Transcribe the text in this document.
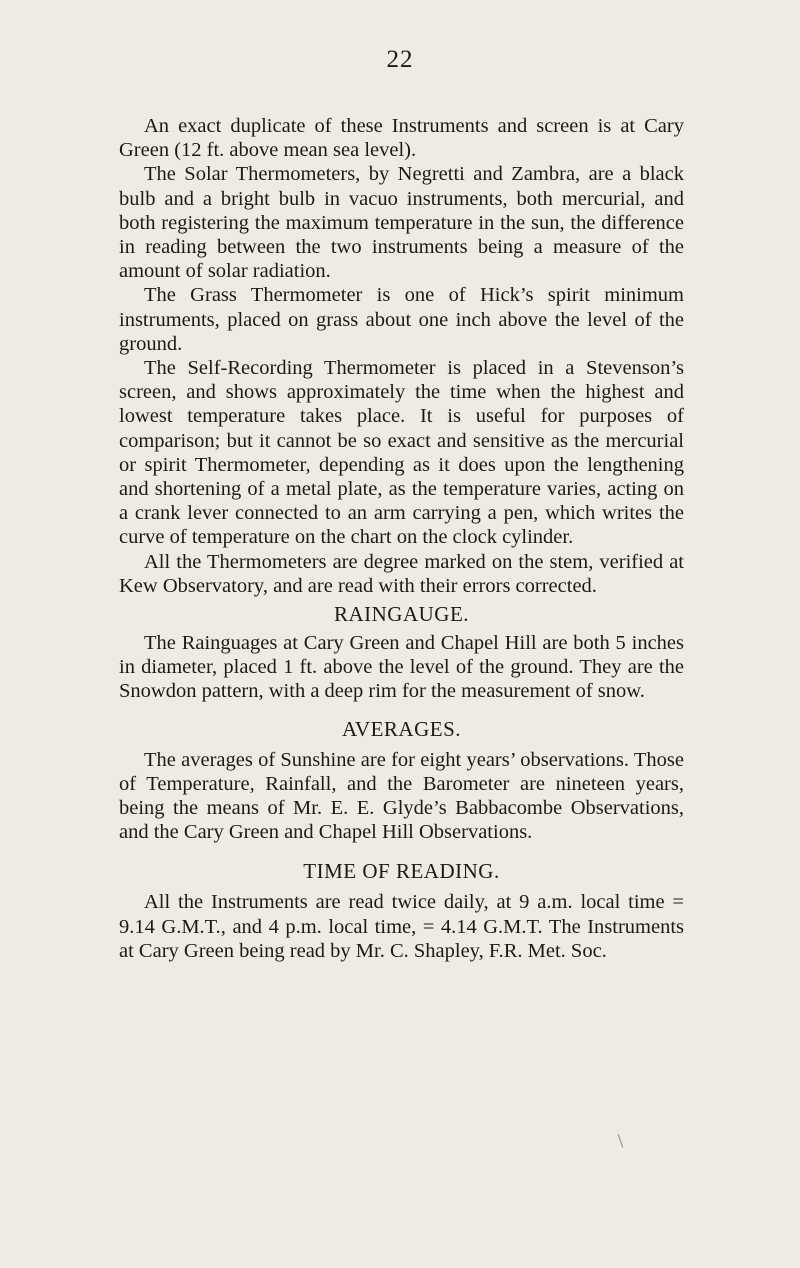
22

An exact duplicate of these Instruments and screen is at Cary Green (12 ft. above mean sea level).

The Solar Thermometers, by Negretti and Zambra, are a black bulb and a bright bulb in vacuo instruments, both mercurial, and both registering the maximum temperature in the sun, the difference in reading between the two instruments being a measure of the amount of solar radiation.

The Grass Thermometer is one of Hick’s spirit minimum instruments, placed on grass about one inch above the level of the ground.

The Self-Recording Thermometer is placed in a Stevenson’s screen, and shows approximately the time when the highest and lowest temperature takes place. It is useful for purposes of comparison; but it cannot be so exact and sensitive as the mercurial or spirit Thermometer, depending as it does upon the lengthening and shortening of a metal plate, as the temperature varies, acting on a crank lever connected to an arm carrying a pen, which writes the curve of temperature on the chart on the clock cylinder.

All the Thermometers are degree marked on the stem, verified at Kew Observatory, and are read with their errors corrected.

RAINGAUGE.

The Rainguages at Cary Green and Chapel Hill are both 5 inches in diameter, placed 1 ft. above the level of the ground. They are the Snowdon pattern, with a deep rim for the measurement of snow.

AVERAGES.

The averages of Sunshine are for eight years’ observations. Those of Temperature, Rainfall, and the Barometer are nineteen years, being the means of Mr. E. E. Glyde’s Babbacombe Observations, and the Cary Green and Chapel Hill Observations.

TIME OF READING.

All the Instruments are read twice daily, at 9 a.m. local time = 9.14 G.M.T., and 4 p.m. local time, = 4.14 G.M.T. The Instruments at Cary Green being read by Mr. C. Shapley, F.R. Met. Soc.
